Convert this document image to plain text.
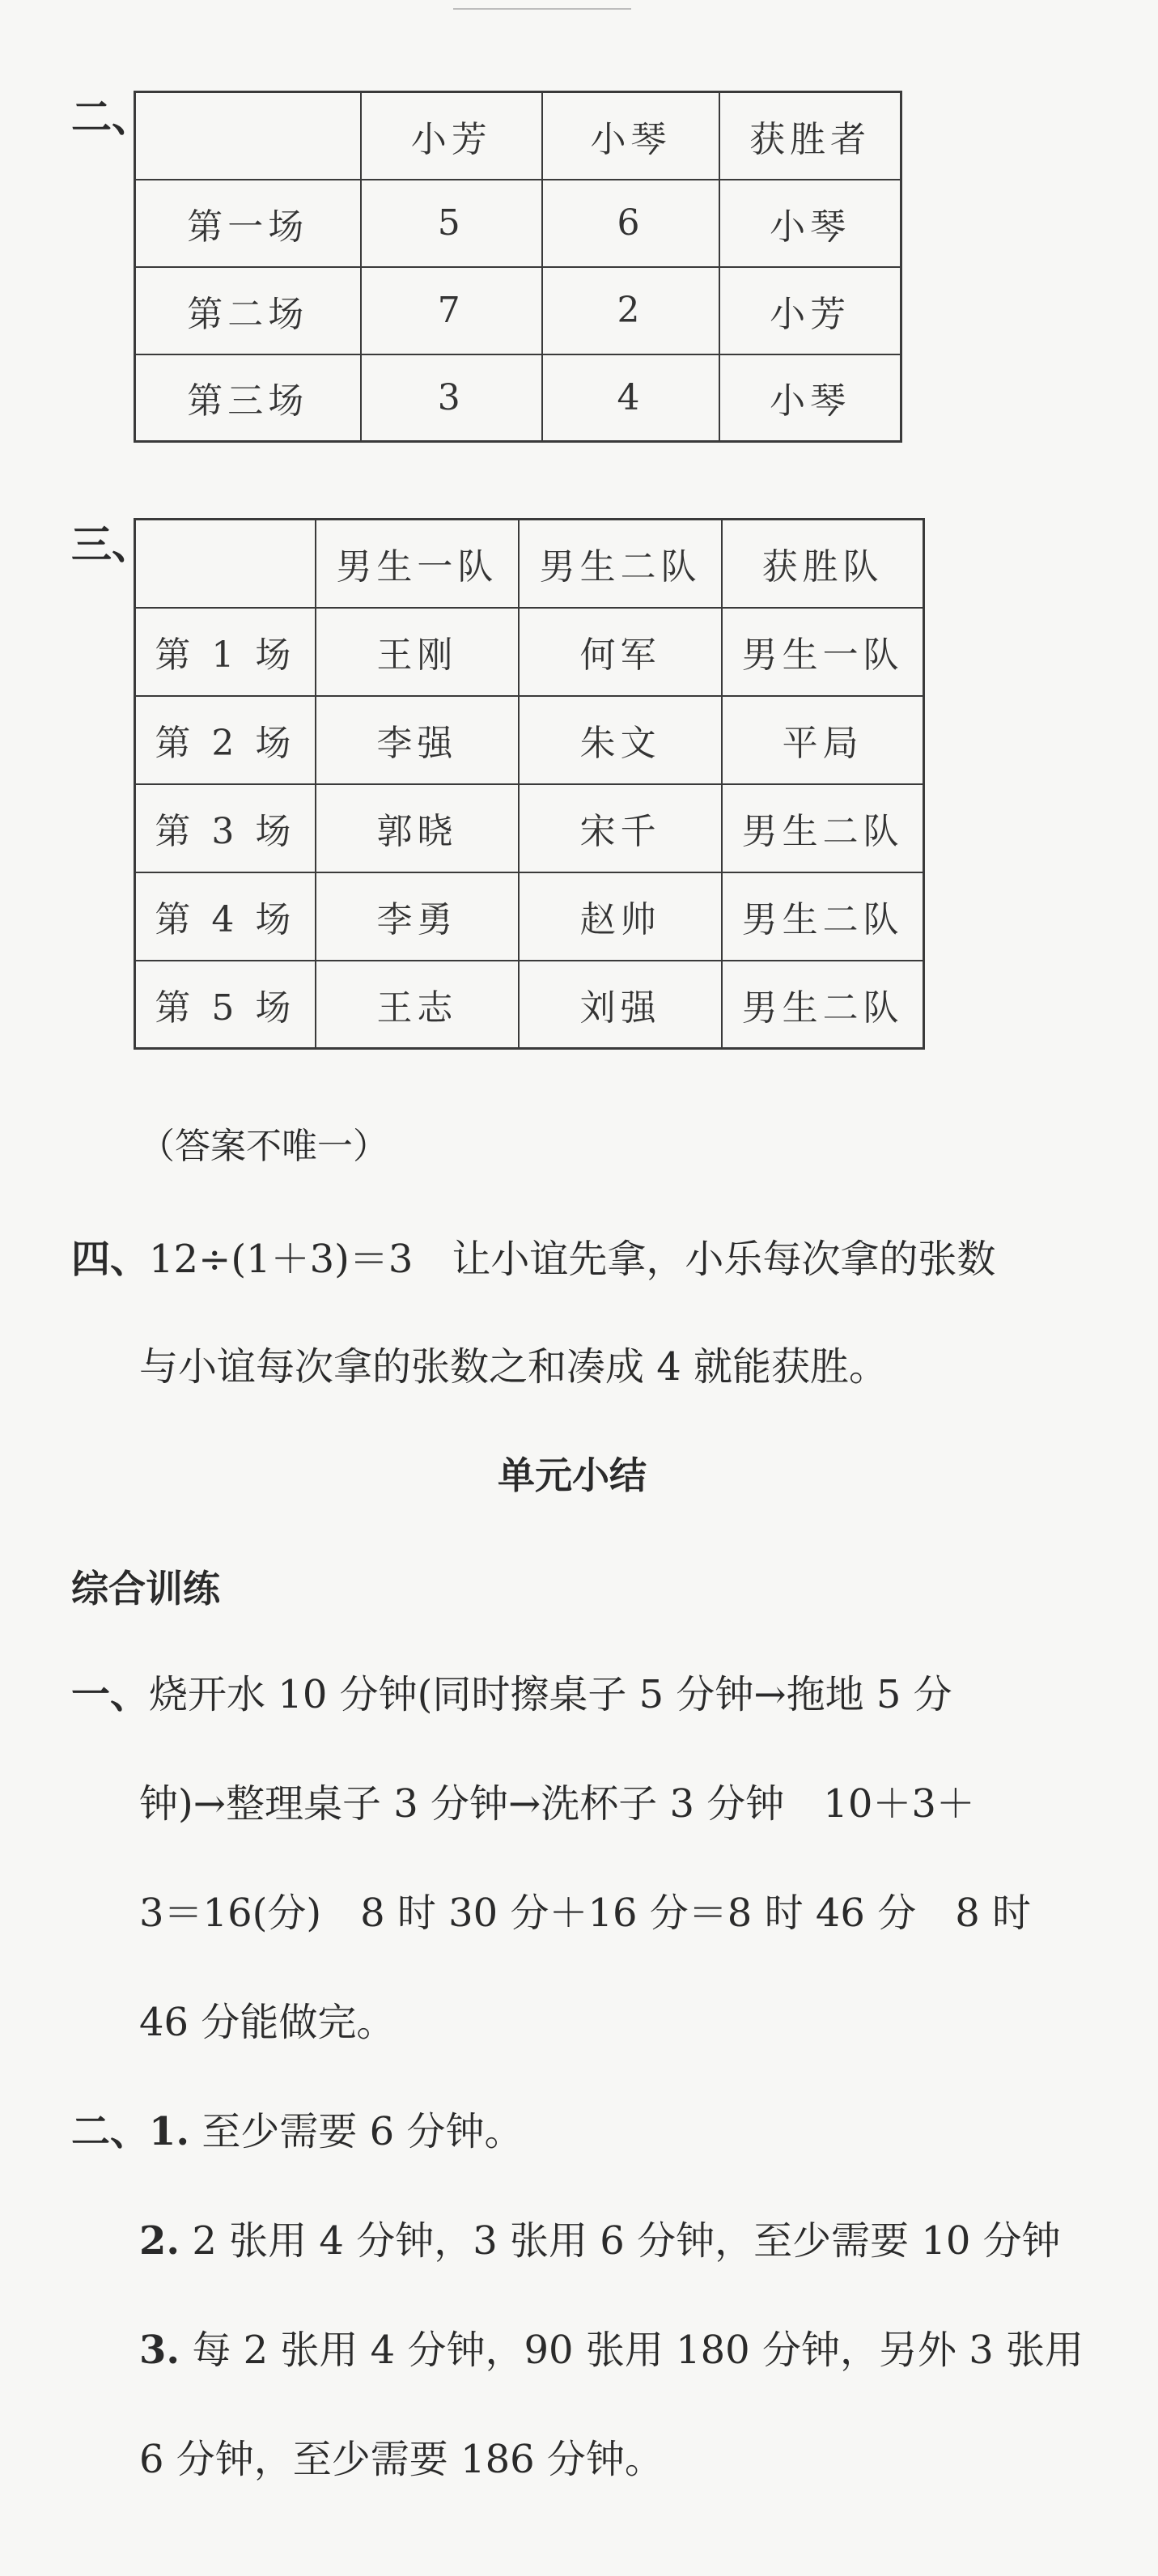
二、
		小芳	小琴	获胜者
第一场	5	6	小琴
第二场	7	2	小芳
第三场	3	4	小琴
三、
		男生一队	男生二队	获胜队
第 1 场	王刚	何军	男生一队
第 2 场	李强	朱文	平局
第 3 场	郭晓	宋千	男生二队
第 4 场	李勇	赵帅	男生二队
第 5 场	王志	刘强	男生二队
（答案不唯一）
四、12÷(1＋3)＝3　让小谊先拿，小乐每次拿的张数
与小谊每次拿的张数之和凑成 4 就能获胜。
单元小结
综合训练
一、烧开水 10 分钟(同时擦桌子 5 分钟→拖地 5 分
钟)→整理桌子 3 分钟→洗杯子 3 分钟　10＋3＋
3＝16(分)　8 时 30 分＋16 分＝8 时 46 分　8 时
46 分能做完。
二、1. 至少需要 6 分钟。
2. 2 张用 4 分钟，3 张用 6 分钟，至少需要 10 分钟
3. 每 2 张用 4 分钟，90 张用 180 分钟，另外 3 张用
6 分钟，至少需要 186 分钟。
